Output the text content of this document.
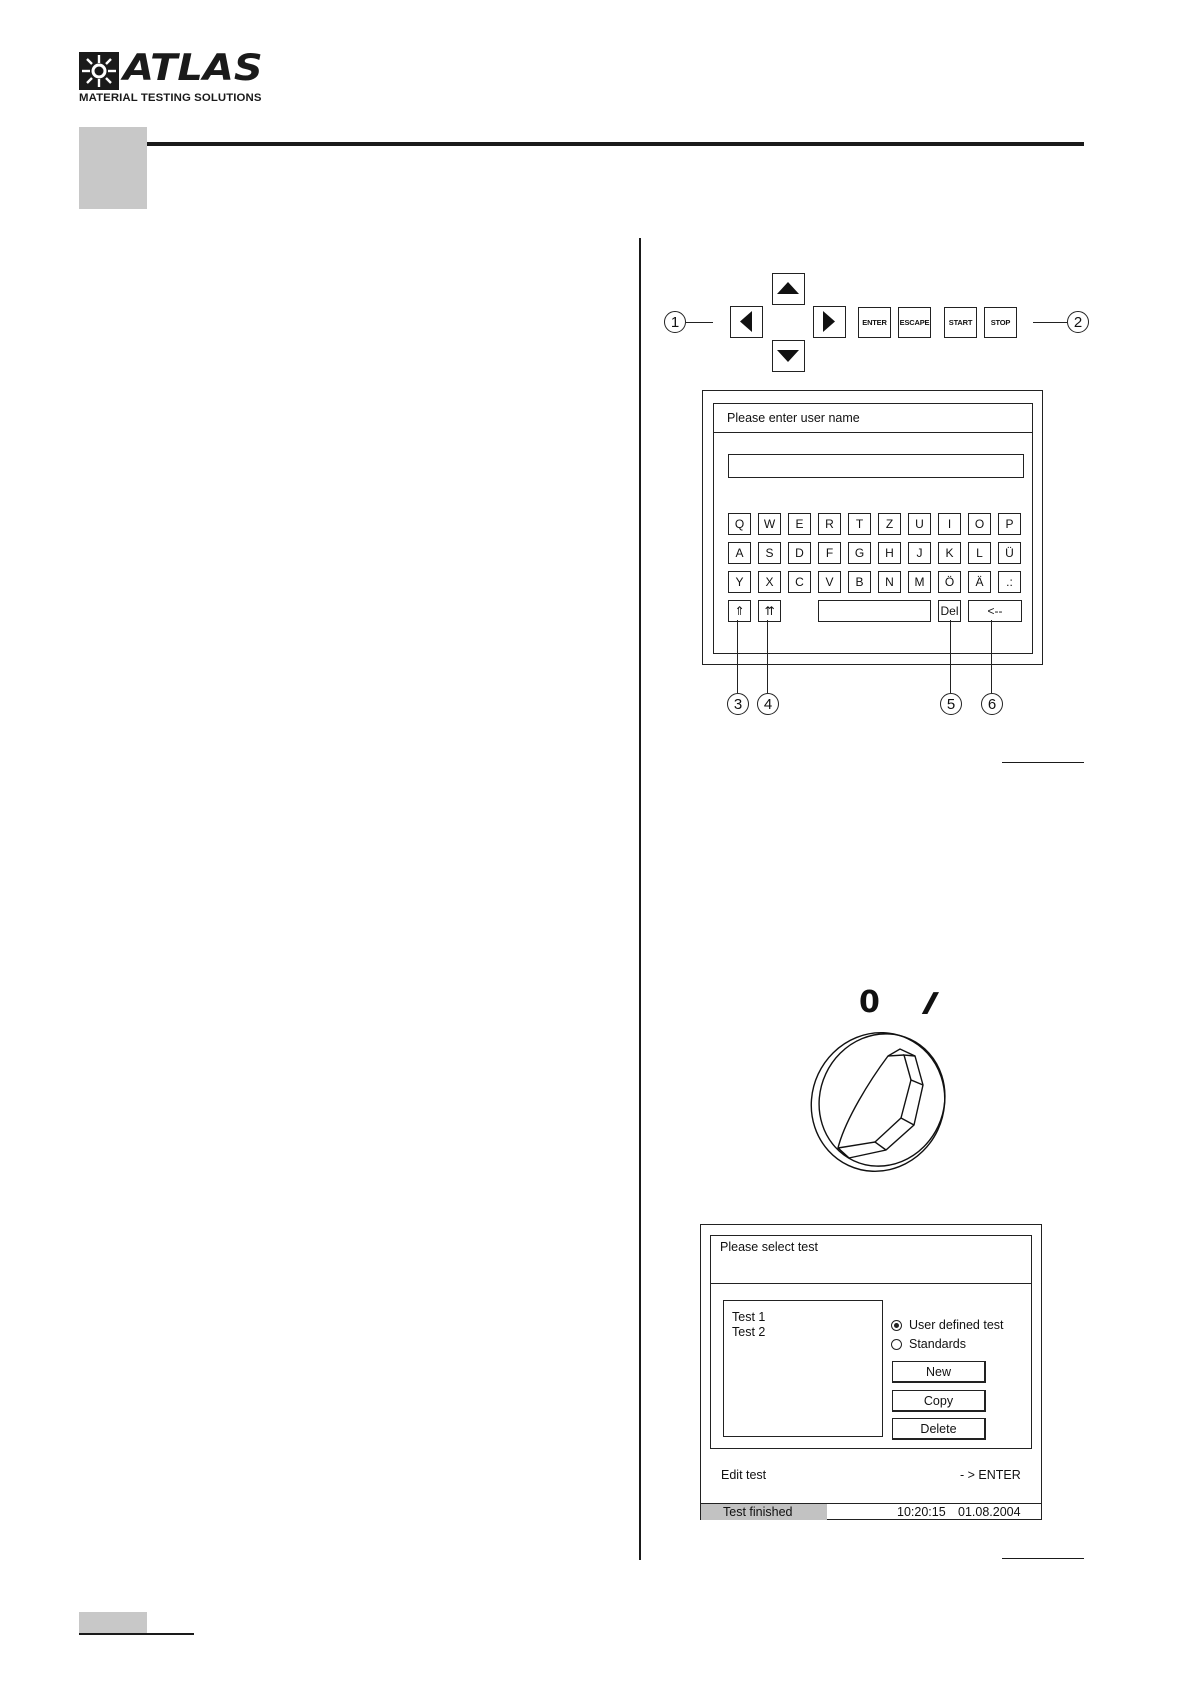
ATLAS
MATERIAL TESTING SOLUTIONS
1	ENTER	ESCAPE	START	STOP	2
Please enter user name
Q	W	E	R	T	Z	U	I	O	P
A	S	D	F	G	H	J	K	L	Ü
Y	X	C	V	B	N	M	Ö	Ä	.:
⇑	⇈	Del	<--
3	4	5	6
0 I
Please select test
Test 1
Test 2	User defined test
Standards
New
Copy
Delete
Edit test	- > ENTER
Test finished	10:20:15 01.08.2004
